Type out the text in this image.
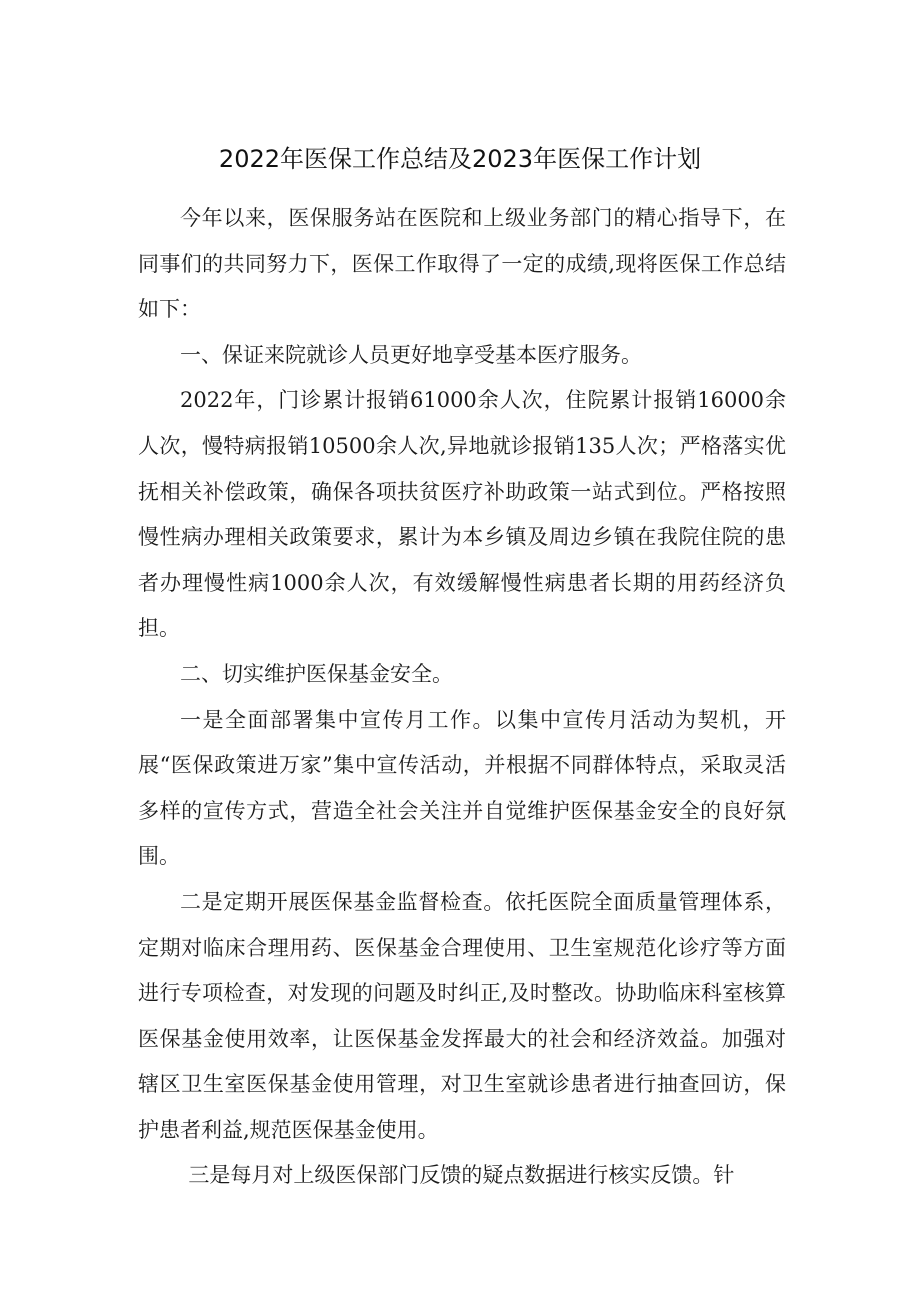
2022年医保工作总结及2023年医保工作计划

今年以来，医保服务站在医院和上级业务部门的精心指导下，在同事们的共同努力下，医保工作取得了一定的成绩,现将医保工作总结如下：

一、保证来院就诊人员更好地享受基本医疗服务。

2022年，门诊累计报销61000余人次，住院累计报销16000余人次，慢特病报销10500余人次,异地就诊报销135人次；严格落实优抚相关补偿政策，确保各项扶贫医疗补助政策一站式到位。严格按照慢性病办理相关政策要求，累计为本乡镇及周边乡镇在我院住院的患者办理慢性病1000余人次，有效缓解慢性病患者长期的用药经济负担。

二、切实维护医保基金安全。

一是全面部署集中宣传月工作。以集中宣传月活动为契机，开展“医保政策进万家”集中宣传活动，并根据不同群体特点，采取灵活多样的宣传方式，营造全社会关注并自觉维护医保基金安全的良好氛围。

二是定期开展医保基金监督检查。依托医院全面质量管理体系，定期对临床合理用药、医保基金合理使用、卫生室规范化诊疗等方面进行专项检查，对发现的问题及时纠正,及时整改。协助临床科室核算医保基金使用效率，让医保基金发挥最大的社会和经济效益。加强对辖区卫生室医保基金使用管理，对卫生室就诊患者进行抽查回访，保护患者利益,规范医保基金使用。

三是每月对上级医保部门反馈的疑点数据进行核实反馈。针
